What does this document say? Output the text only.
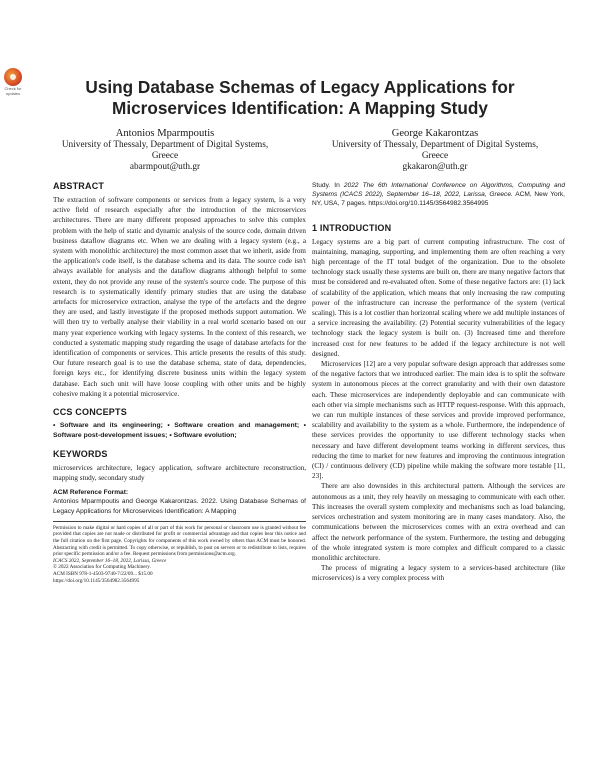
Check for updates	Using Database Schemas of Legacy Applications for Microservices Identification: A Mapping Study
Antonios Mparmpoutis
University of Thessaly, Department of Digital Systems,
Greece
abarmpout@uth.gr
George Kakarontzas
University of Thessaly, Department of Digital Systems,
Greece
gkakaron@uth.gr
ABSTRACT

The extraction of software components or services from a legacy system, is a very active field of research especially after the introduction of the microservices architectures. There are many different proposed approaches to solve this complex problem with the help of static and dynamic analysis of the source code, domain driven business dataflow diagrams etc. When we are dealing with a legacy system (e.g., a system with monolithic architecture) the most common asset that we inherit, aside from the application's code itself, is the database schema and its data. The source code isn't always available for analysis and the dataflow diagrams although helpful to some extent, they do not provide any reuse of the system's source code. The purpose of this research is to systematically identify primary studies that are using the database artefacts for microservice extraction, analyse the type of the artefacts and the degree they are used, and lastly investigate if the proposed methods support automation. We will then try to verbally analyse their viability in a real world scenario based on our many year experience working with legacy systems. In the context of this research, we conducted a systematic mapping study regarding the usage of database artefacts for the identification of components or services. This article presents the results of this study. Our future research goal is to use the database schema, state of data, dependencies, foreign keys etc., for identifying discrete business units within the legacy system database. Each such unit will have loose coupling with other units and be highly cohesive making it a potential microservice.

CCS CONCEPTS

• Software and its engineering; • Software creation and management; • Software post-development issues; • Software evolution;

KEYWORDS

microservices architecture, legacy application, software architecture reconstruction, mapping study, secondary study

ACM Reference Format:

Antonios Mparmpoutis and George Kakarontzas. 2022. Using Database Schemas of Legacy Applications for Microservices Identification: A Mapping

Permission to make digital or hard copies of all or part of this work for personal or classroom use is granted without fee provided that copies are not made or distributed for profit or commercial advantage and that copies bear this notice and the full citation on the first page. Copyrights for components of this work owned by others than ACM must be honored. Abstracting with credit is permitted. To copy otherwise, or republish, to post on servers or to redistribute to lists, requires prior specific permission and/or a fee. Request permissions from permissions@acm.org.

ICACS 2022, September 16–18, 2022, Larissa, Greece

© 2022 Association for Computing Machinery.

ACM ISBN 978-1-4503-9740-7/22/09... $15.00

https://doi.org/10.1145/3564982.3564995

Study. In 2022 The 6th International Conference on Algorithms, Computing and Systems (ICACS 2022), September 16–18, 2022, Larissa, Greece. ACM, New York, NY, USA, 7 pages. https://doi.org/10.1145/3564982.3564995

1 INTRODUCTION

Legacy systems are a big part of current computing infrastructure. The cost of maintaining, managing, supporting, and implementing them are often reaching a very high percentage of the IT total budget of the organization. Due to the obsolete technology stack usually these systems are built on, there are many negative factors that must be considered and re-evaluated often. Some of these negative factors are: (1) lack of scalability of the application, which means that only increasing the raw computing power of the infrastructure can increase the performance of the system (vertical scaling). This is a lot costlier than horizontal scaling where we add multiple instances of a service increasing the availability. (2) Potential security vulnerabilities of the legacy technology stack the legacy system is built on. (3) Increased time and therefore increased cost for new features to be added if the legacy architecture is not well designed.

Microservices [12] are a very popular software design approach that addresses some of the negative factors that we introduced earlier. The main idea is to split the software system in autonomous pieces at the correct granularity and with their own datastore each. These microservices are independently deployable and can communicate with each other via simple mechanisms such as HTTP request-response. With this approach, we can run multiple instances of these services and provide improved performance, scalability and availability to the system as a whole. Furthermore, the independence of these services provides the opportunity to use different technology stacks when necessary and have different development teams working in different services, thus reducing the time to market for new features and improving the continuous integration (CI) / continuous delivery (CD) pipeline while making the software more testable [11, 23].

There are also downsides in this architectural pattern. Although the services are autonomous as a unit, they rely heavily on messaging to communicate with each other. This increases the overall system complexity and mechanisms such as load balancing, services orchestration and system monitoring are in many cases mandatory. Also, the communications between the microservices comes with an extra overhead and can affect the network performance of the system. Furthermore, the testing and debugging of the whole integrated system is more complex and difficult compared to a classic monolithic architecture.

The process of migrating a legacy system to a services-based architecture (like microservices) is a very complex process with
